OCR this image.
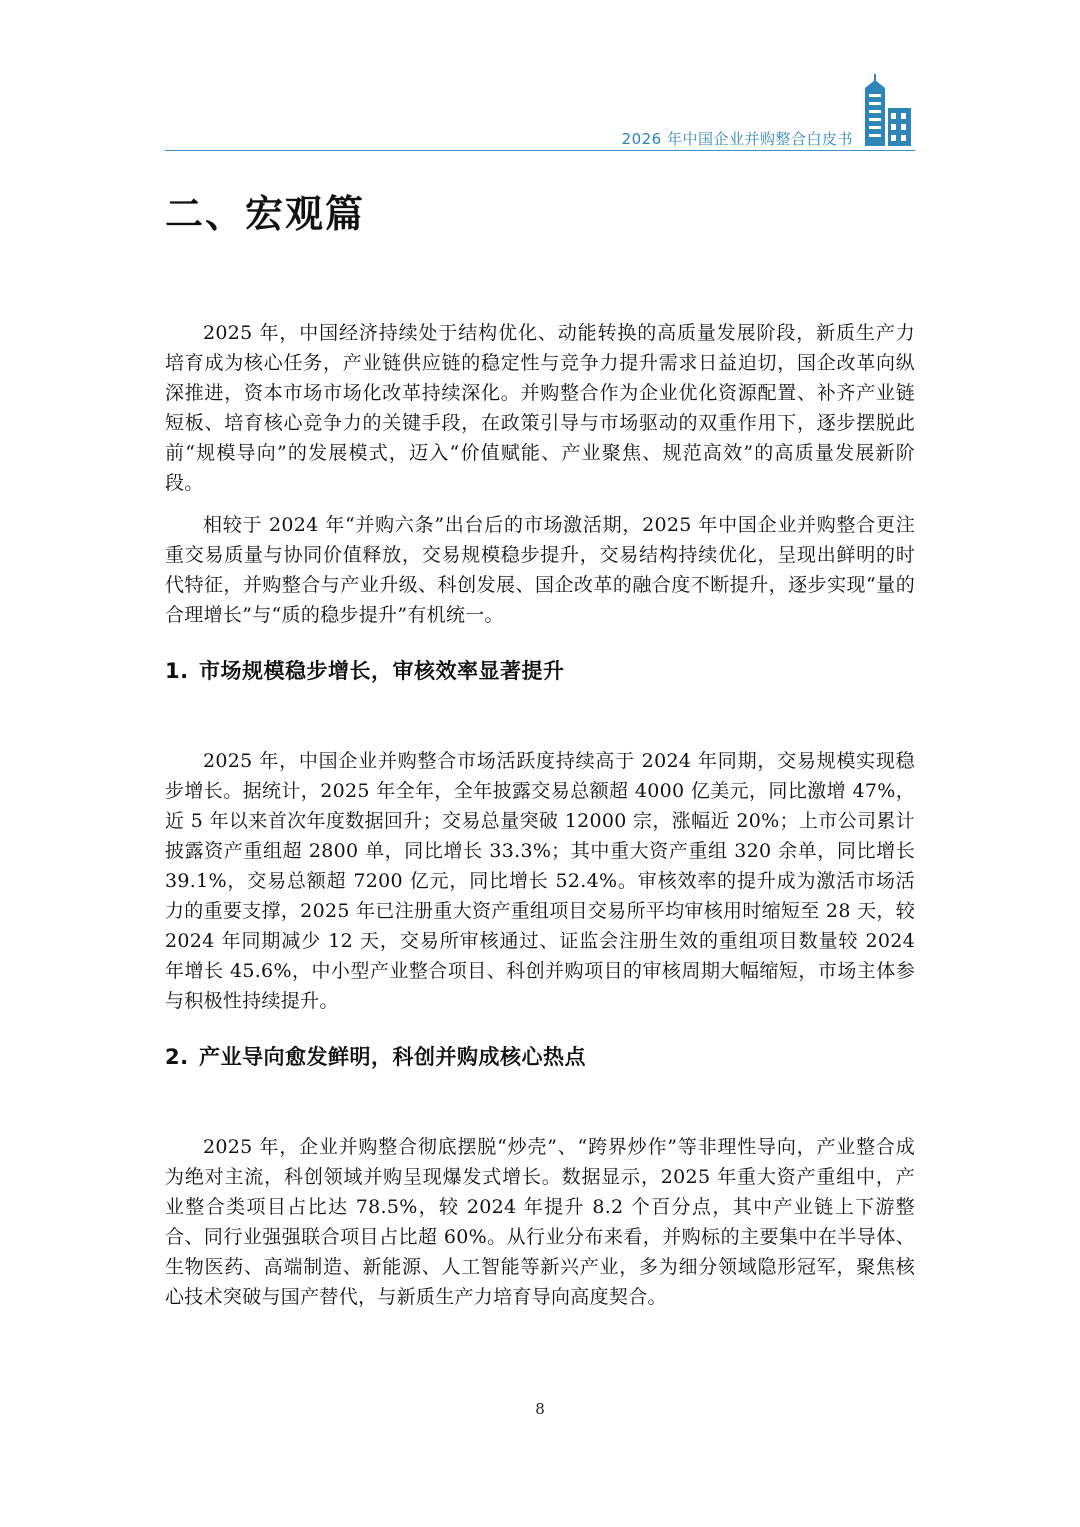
2026 年中国企业并购整合白皮书
二、宏观篇

2025 年，中国经济持续处于结构优化、动能转换的高质量发展阶段，新质生产力培育成为核心任务，产业链供应链的稳定性与竞争力提升需求日益迫切，国企改革向纵深推进，资本市场市场化改革持续深化。并购整合作为企业优化资源配置、补齐产业链短板、培育核心竞争力的关键手段，在政策引导与市场驱动的双重作用下，逐步摆脱此前“规模导向”的发展模式，迈入“价值赋能、产业聚焦、规范高效”的高质量发展新阶段。

相较于 2024 年“并购六条”出台后的市场激活期，2025 年中国企业并购整合更注重交易质量与协同价值释放，交易规模稳步提升，交易结构持续优化，呈现出鲜明的时代特征，并购整合与产业升级、科创发展、国企改革的融合度不断提升，逐步实现“量的合理增长”与“质的稳步提升”有机统一。

1. 市场规模稳步增长，审核效率显著提升

2025 年，中国企业并购整合市场活跃度持续高于 2024 年同期，交易规模实现稳步增长。据统计，2025 年全年，全年披露交易总额超 4000 亿美元，同比激增 47%，近 5 年以来首次年度数据回升；交易总量突破 12000 宗，涨幅近 20%；上市公司累计披露资产重组超 2800 单，同比增长 33.3%；其中重大资产重组 320 余单，同比增长 39.1%，交易总额超 7200 亿元，同比增长 52.4%。审核效率的提升成为激活市场活力的重要支撑，2025 年已注册重大资产重组项目交易所平均审核用时缩短至 28 天，较 2024 年同期减少 12 天，交易所审核通过、证监会注册生效的重组项目数量较 2024 年增长 45.6%，中小型产业整合项目、科创并购项目的审核周期大幅缩短，市场主体参与积极性持续提升。

2. 产业导向愈发鲜明，科创并购成核心热点

2025 年，企业并购整合彻底摆脱“炒壳”、“跨界炒作”等非理性导向，产业整合成为绝对主流，科创领域并购呈现爆发式增长。数据显示，2025 年重大资产重组中，产业整合类项目占比达 78.5%，较 2024 年提升 8.2 个百分点，其中产业链上下游整合、同行业强强联合项目占比超 60%。从行业分布来看，并购标的主要集中在半导体、生物医药、高端制造、新能源、人工智能等新兴产业，多为细分领域隐形冠军，聚焦核心技术突破与国产替代，与新质生产力培育导向高度契合。

8
